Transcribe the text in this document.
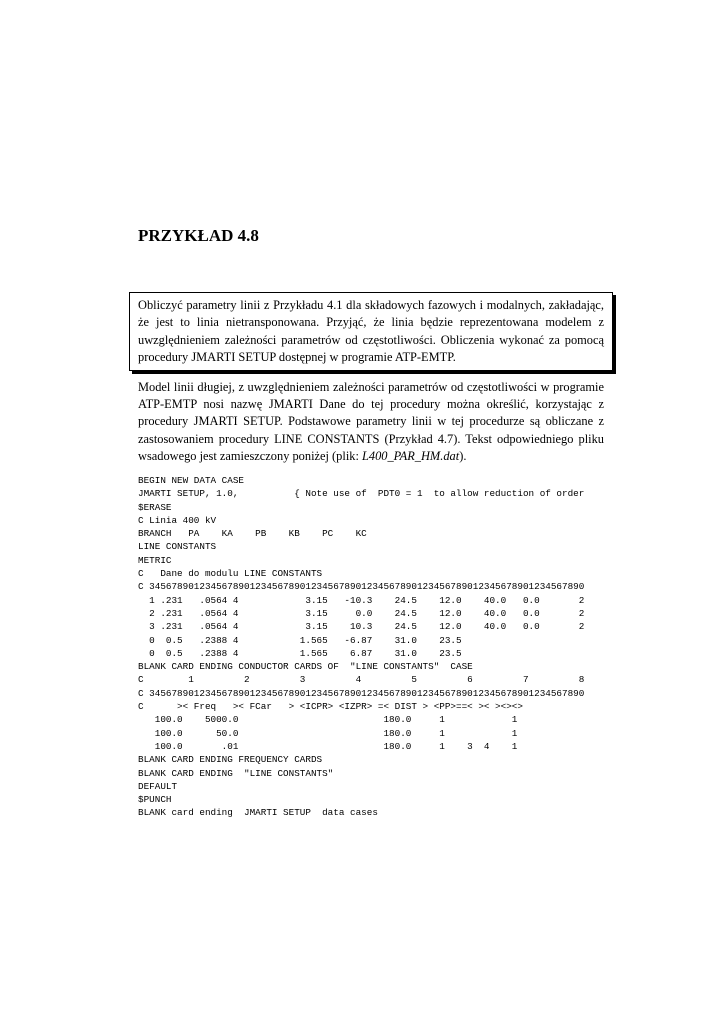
PRZYKŁAD 4.8
Obliczyć parametry linii z Przykładu 4.1 dla składowych fazowych i modalnych, zakładając, że jest to linia nietransponowana. Przyjąć, że linia będzie reprezentowana modelem z uwzględnieniem zależności parametrów od częstotliwości. Obliczenia wykonać za pomocą procedury JMARTI SETUP dostępnej w programie ATP-EMTP.

Model linii długiej, z uwzględnieniem zależności parametrów od częstotliwości w programie ATP-EMTP nosi nazwę JMARTI Dane do tej procedury można określić, korzystając z procedury JMARTI SETUP. Podstawowe parametry linii w tej procedurze są obliczane z zastosowaniem procedury LINE CONSTANTS (Przykład 4.7). Tekst odpowiedniego pliku wsadowego jest zamieszczony poniżej (plik: L400_PAR_HM.dat).

BEGIN NEW DATA CASE
JMARTI SETUP, 1.0,          { Note use of  PDT0 = 1  to allow reduction of order
$ERASE
C Linia 400 kV
BRANCH   PA    KA    PB    KB    PC    KC
LINE CONSTANTS
METRIC
C   Dane do modulu LINE CONSTANTS
C 345678901234567890123456789012345678901234567890123456789012345678901234567890
1 .231   .0564 4            3.15   -10.3    24.5    12.0    40.0   0.0       2
2 .231   .0564 4            3.15     0.0    24.5    12.0    40.0   0.0       2
3 .231   .0564 4            3.15    10.3    24.5    12.0    40.0   0.0       2
0  0.5   .2388 4           1.565   -6.87    31.0    23.5
0  0.5   .2388 4           1.565    6.87    31.0    23.5
BLANK CARD ENDING CONDUCTOR CARDS OF  "LINE CONSTANTS"  CASE
C        1         2         3         4         5         6         7         8
C 345678901234567890123456789012345678901234567890123456789012345678901234567890
C      >< Freq   >< FCar   > <ICPR> <IZPR> =< DIST > <PP>==< >< ><><>
100.0    5000.0                          180.0     1            1
100.0      50.0                          180.0     1            1
100.0       .01                          180.0     1    3  4    1
BLANK CARD ENDING FREQUENCY CARDS
BLANK CARD ENDING  "LINE CONSTANTS"
DEFAULT
$PUNCH
BLANK card ending  JMARTI SETUP  data cases
